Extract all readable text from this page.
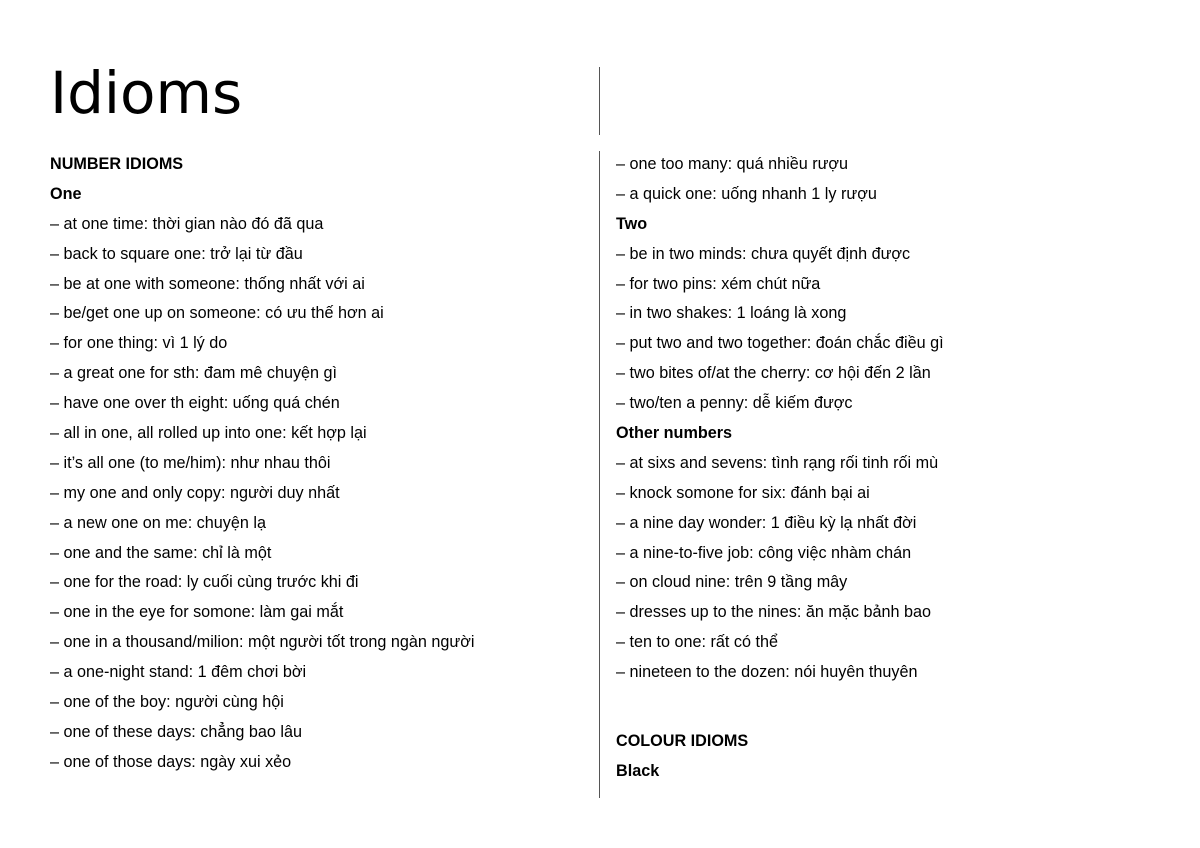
Idioms
NUMBER IDIOMS
One
– at one time: thời gian nào đó đã qua
– back to square one: trở lại từ đầu
– be at one with someone: thống nhất với ai
– be/get one up on someone: có ưu thế hơn ai
– for one thing: vì 1 lý do
– a great one for sth: đam mê chuyện gì
– have one over th eight: uống quá chén
– all in one, all rolled up into one: kết hợp lại
– it’s all one (to me/him): như nhau thôi
– my one and only copy: người duy nhất
– a new one on me: chuyện lạ
– one and the same: chỉ là một
– one for the road: ly cuối cùng trước khi đi
– one in the eye for somone: làm gai mắt
– one in a thousand/milion: một người tốt trong ngàn người
– a one-night stand: 1 đêm chơi bời
– one of the boy: người cùng hội
– one of these days: chẳng bao lâu
– one of those days: ngày xui xẻo
– one too many: quá nhiều rượu
– a quick one: uống nhanh 1 ly rượu
Two
– be in two minds: chưa quyết định được
– for two pins: xém chút nữa
– in two shakes: 1 loáng là xong
– put two and two together: đoán chắc điều gì
– two bites of/at the cherry: cơ hội đến 2 lần
– two/ten a penny: dễ kiếm được
Other numbers
– at sixs and sevens: tình rạng rối tinh rối mù
– knock somone for six: đánh bại ai
– a nine day wonder: 1 điều kỳ lạ nhất đời
– a nine-to-five job: công việc nhàm chán
– on cloud nine: trên 9 tầng mây
– dresses up to the nines: ăn mặc bảnh bao
– ten to one: rất có thể
– nineteen to the dozen: nói huyên thuyên
COLOUR IDIOMS
Black
